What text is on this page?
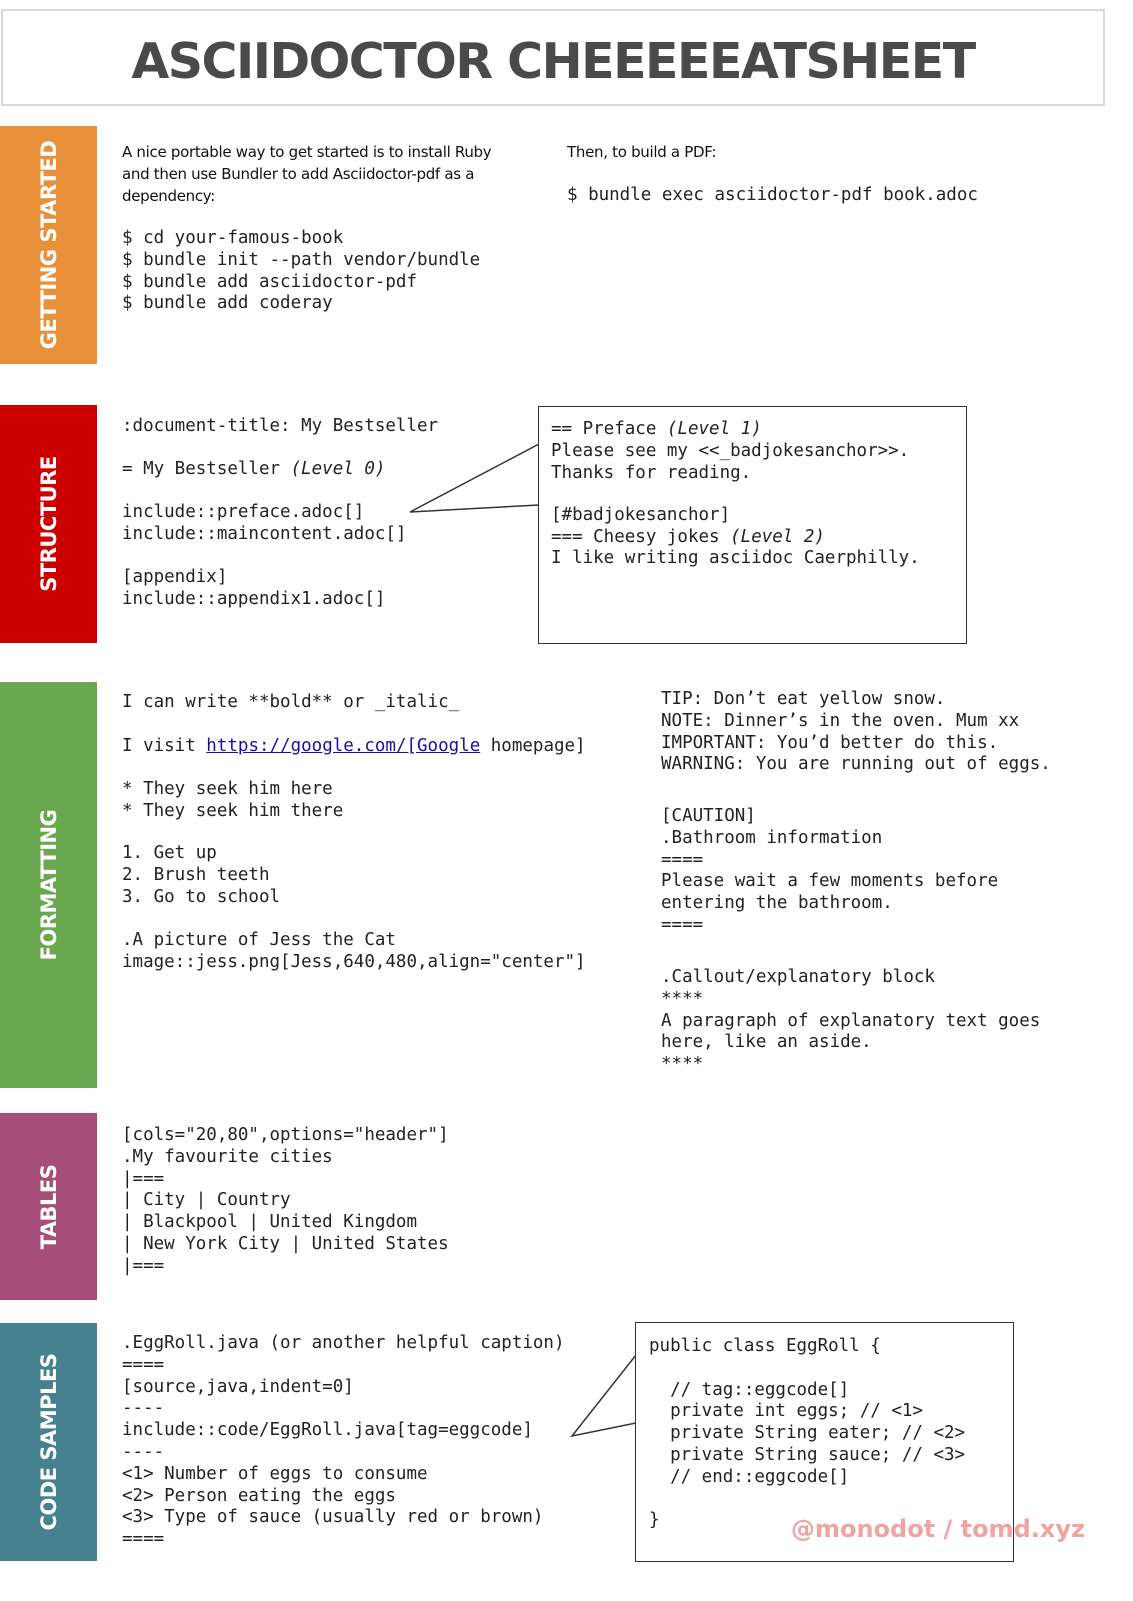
ASCIIDOCTOR CHEEEEEATSHEET
GETTING STARTED
STRUCTURE
FORMATTING
TABLES
CODE SAMPLES
A nice portable way to get started is to install Ruby
and then use Bundler to add Asciidoctor-pdf as a
dependency:
$ cd your-famous-book
$ bundle init --path vendor/bundle
$ bundle add asciidoctor-pdf
$ bundle add coderay
Then, to build a PDF:
$ bundle exec asciidoctor-pdf book.adoc
:document-title: My Bestseller
= My Bestseller (Level 0)
include::preface.adoc[]
include::maincontent.adoc[]
[appendix]
include::appendix1.adoc[]
== Preface (Level 1)
Please see my <<_badjokesanchor>>.
Thanks for reading.
[#badjokesanchor]
=== Cheesy jokes (Level 2)
I like writing asciidoc Caerphilly.
I can write **bold** or _italic_
I visit https://google.com/[Google homepage]
* They seek him here
* They seek him there
1. Get up
2. Brush teeth
3. Go to school
.A picture of Jess the Cat
image::jess.png[Jess,640,480,align="center"]
TIP: Don’t eat yellow snow.
NOTE: Dinner’s in the oven. Mum xx
IMPORTANT: You’d better do this.
WARNING: You are running out of eggs.
[CAUTION]
.Bathroom information
====
Please wait a few moments before
entering the bathroom.
====
.Callout/explanatory block
****
A paragraph of explanatory text goes
here, like an aside.
****
[cols="20,80",options="header"]
.My favourite cities
|===
| City | Country
| Blackpool | United Kingdom
| New York City | United States
|===
.EggRoll.java (or another helpful caption)
====
[source,java,indent=0]
----
include::code/EggRoll.java[tag=eggcode]
----
<1> Number of eggs to consume
<2> Person eating the eggs
<3> Type of sauce (usually red or brown)
====
public class EggRoll {

// tag::eggcode[]
private int eggs; // <1>
private String eater; // <2>
private String sauce; // <3>
// end::eggcode[]

}	@monodot / tomd.xyz
